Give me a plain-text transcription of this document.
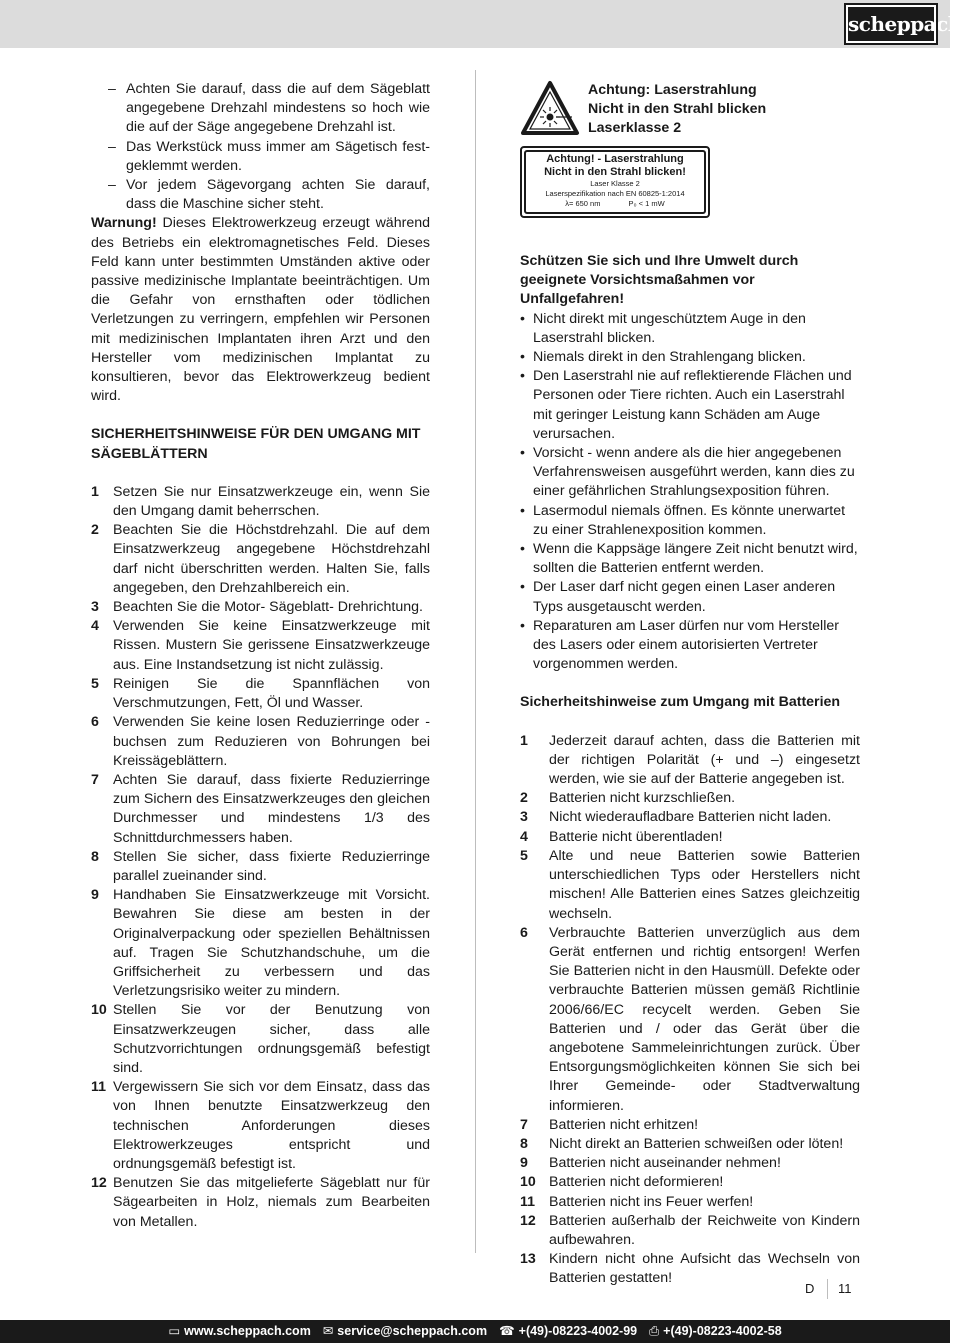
scheppach
– Achten Sie darauf, dass die auf dem Sägeblatt angegebene Drehzahl mindestens so hoch wie die auf der Säge angegebene Drehzahl ist.
– Das Werkstück muss immer am Sägetisch fest-geklemmt werden.
– Vor jedem Sägevorgang achten Sie darauf, dass die Maschine sicher steht.

Warnung! Dieses Elektrowerkzeug erzeugt während des Betriebs ein elektromagnetisches Feld. Dieses Feld kann unter bestimmten Umständen aktive oder passive medizinische Implantate beeinträchtigen. Um die Gefahr von ernsthaften oder tödlichen Verletzungen zu verringern, empfehlen wir Personen mit medizinischen Implantaten ihren Arzt und den Hersteller vom medizinischen Implantat zu konsultieren, bevor das Elektrowerkzeug bedient wird.

SICHERHEITSHINWEISE FÜR DEN UMGANG MIT SÄGEBLÄTTERN
1 Setzen Sie nur Einsatzwerkzeuge ein, wenn Sie den Umgang damit beherrschen.
2 Beachten Sie die Höchstdrehzahl. Die auf dem Einsatzwerkzeug angegebene Höchstdrehzahl darf nicht überschritten werden. Halten Sie, falls angegeben, den Drehzahlbereich ein.
3 Beachten Sie die Motor- Sägeblatt- Drehrichtung.
4 Verwenden Sie keine Einsatzwerkzeuge mit Rissen. Mustern Sie gerissene Einsatzwerkzeuge aus. Eine Instandsetzung ist nicht zulässig.
5 Reinigen Sie die Spannflächen von Verschmutzungen, Fett, Öl und Wasser.
6 Verwenden Sie keine losen Reduzierringe oder -buchsen zum Reduzieren von Bohrungen bei Kreissägeblättern.
7 Achten Sie darauf, dass fixierte Reduzierringe zum Sichern des Einsatzwerkzeuges den gleichen Durchmesser und mindestens 1/3 des Schnittdurchmessers haben.
8 Stellen Sie sicher, dass fixierte Reduzierringe parallel zueinander sind.
9 Handhaben Sie Einsatzwerkzeuge mit Vorsicht. Bewahren Sie diese am besten in der Originalverpackung oder speziellen Behältnissen auf. Tragen Sie Schutzhandschuhe, um die Griffsicherheit zu verbessern und das Verletzungsrisiko weiter zu mindern.
10 Stellen Sie vor der Benutzung von Einsatzwerkzeugen sicher, dass alle Schutzvorrichtungen ordnungsgemäß befestigt sind.
11 Vergewissern Sie sich vor dem Einsatz, dass das von Ihnen benutzte Einsatzwerkzeug den technischen Anforderungen dieses Elektrowerkzeuges entspricht und ordnungsgemäß befestigt ist.
12 Benutzen Sie das mitgelieferte Sägeblatt nur für Sägearbeiten in Holz, niemals zum Bearbeiten von Metallen.
Achtung: Laserstrahlung
Nicht in den Strahl blicken
Laserklasse 2
Achtung! - Laserstrahlung
Nicht in den Strahl blicken!
Laser Klasse 2
Laserspezifikation nach EN 60825-1:2014
λ= 650 nm	P₀ < 1 mW
Schützen Sie sich und Ihre Umwelt durch geeignete Vorsichtsmaßahmen vor Unfallgefahren!
• Nicht direkt mit ungeschütztem Auge in den Laserstrahl blicken.
• Niemals direkt in den Strahlengang blicken.
• Den Laserstrahl nie auf reflektierende Flächen und Personen oder Tiere richten. Auch ein Laserstrahl mit geringer Leistung kann Schäden am Auge verursachen.
• Vorsicht - wenn andere als die hier angegebenen Verfahrensweisen ausgeführt werden, kann dies zu einer gefährlichen Strahlungsexposition führen.
• Lasermodul niemals öffnen. Es könnte unerwartet zu einer Strahlenexposition kommen.
• Wenn die Kappsäge längere Zeit nicht benutzt wird, sollten die Batterien entfernt werden.
• Der Laser darf nicht gegen einen Laser anderen Typs ausgetauscht werden.
• Reparaturen am Laser dürfen nur vom Hersteller des Lasers oder einem autorisierten Vertreter vorgenommen werden.
Sicherheitshinweise zum Umgang mit Batterien
1	Jederzeit darauf achten, dass die Batterien mit der richtigen Polarität (+ und –) eingesetzt werden, wie sie auf der Batterie angegeben ist.
2	Batterien nicht kurzschließen.
3	Nicht wiederaufladbare Batterien nicht laden.
4	Batterie nicht überentladen!
5	Alte und neue Batterien sowie Batterien unterschiedlichen Typs oder Herstellers nicht mischen! Alle Batterien eines Satzes gleichzeitig wechseln.
6	Verbrauchte Batterien unverzüglich aus dem Gerät entfernen und richtig entsorgen! Werfen Sie Batterien nicht in den Hausmüll. Defekte oder verbrauchte Batterien müssen gemäß Richtlinie 2006/66/EC recycelt werden. Geben Sie Batterien und / oder das Gerät über die angebotene Sammeleinrichtungen zurück. Über Entsorgungsmöglichkeiten können Sie sich bei Ihrer Gemeinde- oder Stadtverwaltung informieren.
7	Batterien nicht erhitzen!
8	Nicht direkt an Batterien schweißen oder löten!
9	Batterien nicht auseinander nehmen!
10 Batterien nicht deformieren!
11 Batterien nicht ins Feuer werfen!
12 Batterien außerhalb der Reichweite von Kindern aufbewahren.
13 Kindern nicht ohne Aufsicht das Wechseln von Batterien gestatten!
D	11
▭ www.scheppach.com ✉ service@scheppach.com ☎ +(49)-08223-4002-99 ⎙ +(49)-08223-4002-58
